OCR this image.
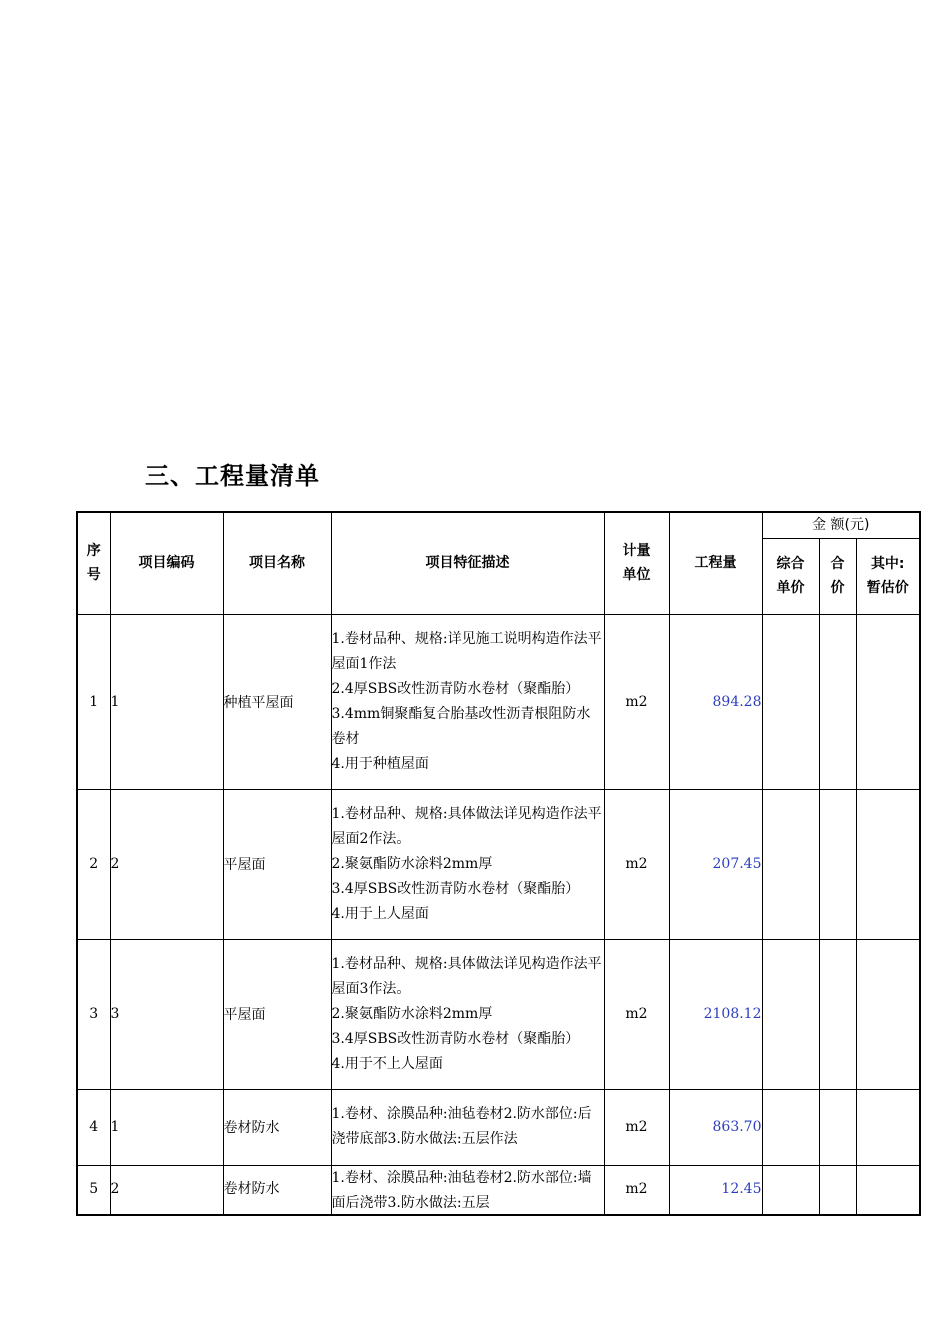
三、工程量清单
序号	项目编码	项目名称	项目特征描述	计量单位	工程量	金 额(元)		
						综合单价	合价	其中:暂估价
1	1	种植平屋面	1.卷材品种、规格:详见施工说明构造作法平屋面1作法
2.4厚SBS改性沥青防水卷材（聚酯胎）
3.4mm铜聚酯复合胎基改性沥青根阻防水卷材
4.用于种植屋面	m2	894.28			
2	2	平屋面	1.卷材品种、规格:具体做法详见构造作法平屋面2作法。
2.聚氨酯防水涂料2mm厚
3.4厚SBS改性沥青防水卷材（聚酯胎）
4.用于上人屋面	m2	207.45			
3	3	平屋面	1.卷材品种、规格:具体做法详见构造作法平屋面3作法。
2.聚氨酯防水涂料2mm厚
3.4厚SBS改性沥青防水卷材（聚酯胎）
4.用于不上人屋面	m2	2108.12			
4	1	卷材防水	1.卷材、涂膜品种:油毡卷材2.防水部位:后浇带底部3.防水做法:五层作法	m2	863.70			
5	2	卷材防水	1.卷材、涂膜品种:油毡卷材2.防水部位:墙面后浇带3.防水做法:五层	m2	12.45			
